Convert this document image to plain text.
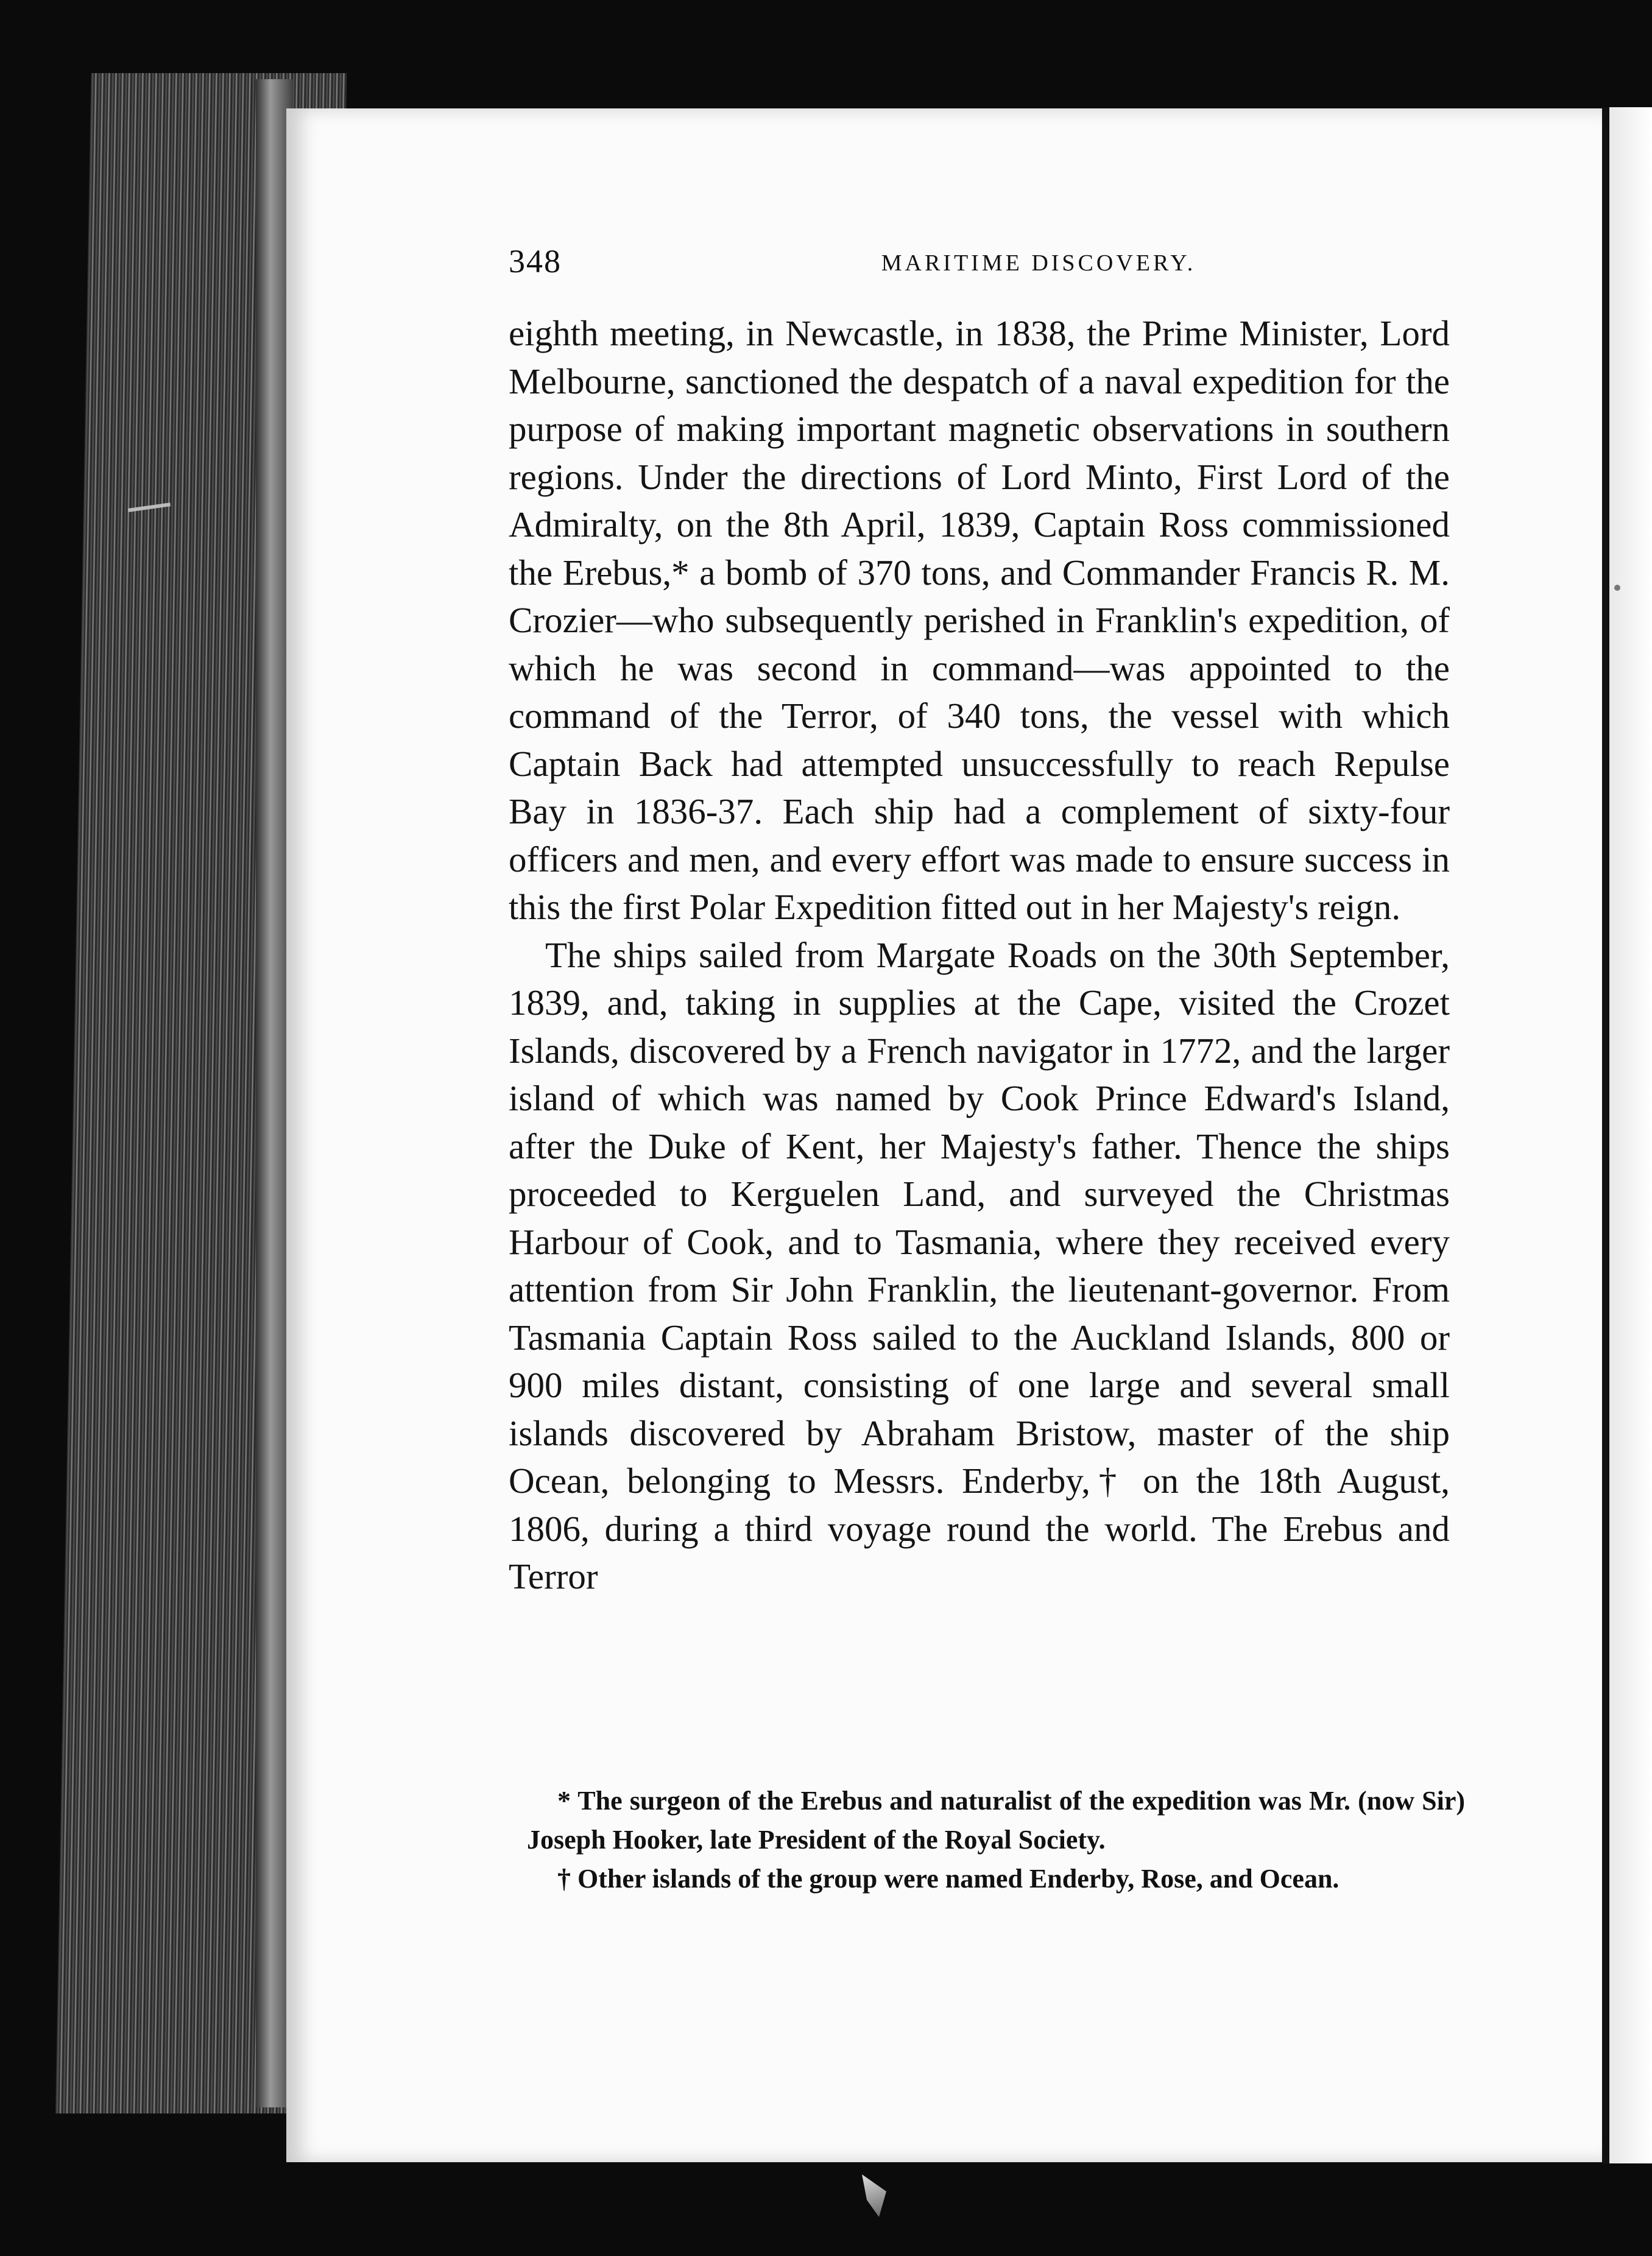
348	MARITIME DISCOVERY.

eighth meeting, in Newcastle, in 1838, the Prime Minister, Lord Melbourne, sanctioned the despatch of a naval expedition for the purpose of making important magnetic observations in southern regions. Under the directions of Lord Minto, First Lord of the Admiralty, on the 8th April, 1839, Captain Ross commissioned the Erebus,* a bomb of 370 tons, and Commander Francis R. M. Crozier—who subsequently perished in Franklin's expedition, of which he was second in command—was appointed to the command of the Terror, of 340 tons, the vessel with which Captain Back had attempted unsuccessfully to reach Repulse Bay in 1836-37. Each ship had a complement of sixty-four officers and men, and every effort was made to ensure success in this the first Polar Expedition fitted out in her Majesty's reign.

The ships sailed from Margate Roads on the 30th September, 1839, and, taking in supplies at the Cape, visited the Crozet Islands, discovered by a French navigator in 1772, and the larger island of which was named by Cook Prince Edward's Island, after the Duke of Kent, her Majesty's father. Thence the ships proceeded to Kerguelen Land, and surveyed the Christmas Harbour of Cook, and to Tasmania, where they received every attention from Sir John Franklin, the lieutenant-governor. From Tasmania Captain Ross sailed to the Auckland Islands, 800 or 900 miles distant, consisting of one large and several small islands discovered by Abraham Bristow, master of the ship Ocean, belonging to Messrs. Enderby,† on the 18th August, 1806, during a third voyage round the world. The Erebus and Terror

* The surgeon of the Erebus and naturalist of the expedition was Mr. (now Sir) Joseph Hooker, late President of the Royal Society.

† Other islands of the group were named Enderby, Rose, and Ocean.
